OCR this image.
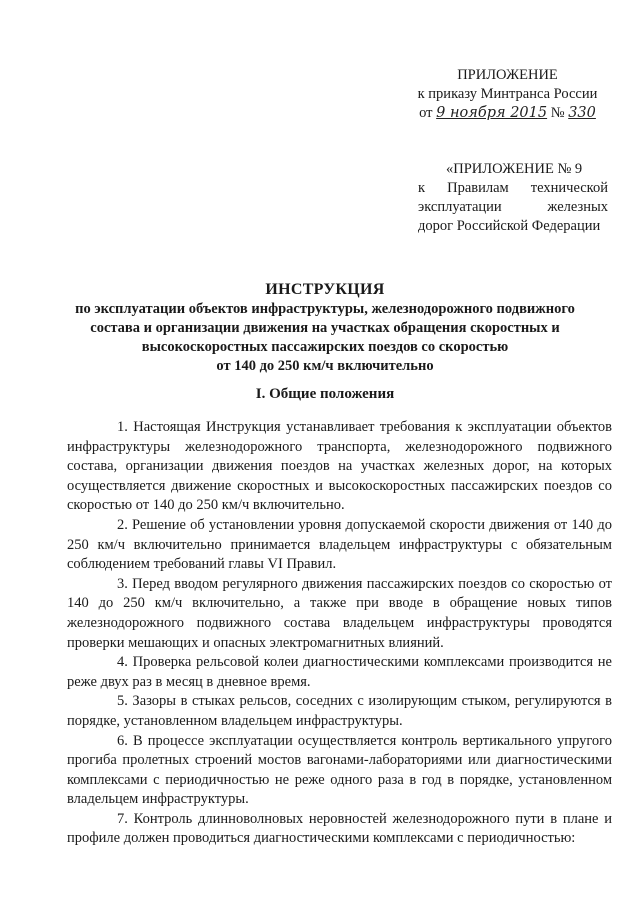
ПРИЛОЖЕНИЕ
к приказу Минтранса России
от 9 ноября 2015 № 330
«ПРИЛОЖЕНИЕ № 9
к Правилам технической
эксплуатации железных
дорог Российской Федерации
ИНСТРУКЦИЯ
по эксплуатации объектов инфраструктуры, железнодорожного подвижного
состава и организации движения на участках обращения скоростных и
высокоскоростных пассажирских поездов со скоростью
от 140 до 250 км/ч включительно
I. Общие положения

1. Настоящая Инструкция устанавливает требования к эксплуатации объектов инфраструктуры железнодорожного транспорта, железнодорожного подвижного состава, организации движения поездов на участках железных дорог, на которых осуществляется движение скоростных и высокоскоростных пассажирских поездов со скоростью от 140 до 250 км/ч включительно.

2. Решение об установлении уровня допускаемой скорости движения от 140 до 250 км/ч включительно принимается владельцем инфраструктуры с обязательным соблюдением требований главы VI Правил.

3. Перед вводом регулярного движения пассажирских поездов со скоростью от 140 до 250 км/ч включительно, а также при вводе в обращение новых типов железнодорожного подвижного состава владельцем инфраструктуры проводятся проверки мешающих и опасных электромагнитных влияний.

4. Проверка рельсовой колеи диагностическими комплексами производится не реже двух раз в месяц в дневное время.

5. Зазоры в стыках рельсов, соседних с изолирующим стыком, регулируются в порядке, установленном владельцем инфраструктуры.

6. В процессе эксплуатации осуществляется контроль вертикального упругого прогиба пролетных строений мостов вагонами-лабораториями или диагностическими комплексами с периодичностью не реже одного раза в год в порядке, установленном владельцем инфраструктуры.

7. Контроль длинноволновых неровностей железнодорожного пути в плане и профиле должен проводиться диагностическими комплексами с периодичностью:
